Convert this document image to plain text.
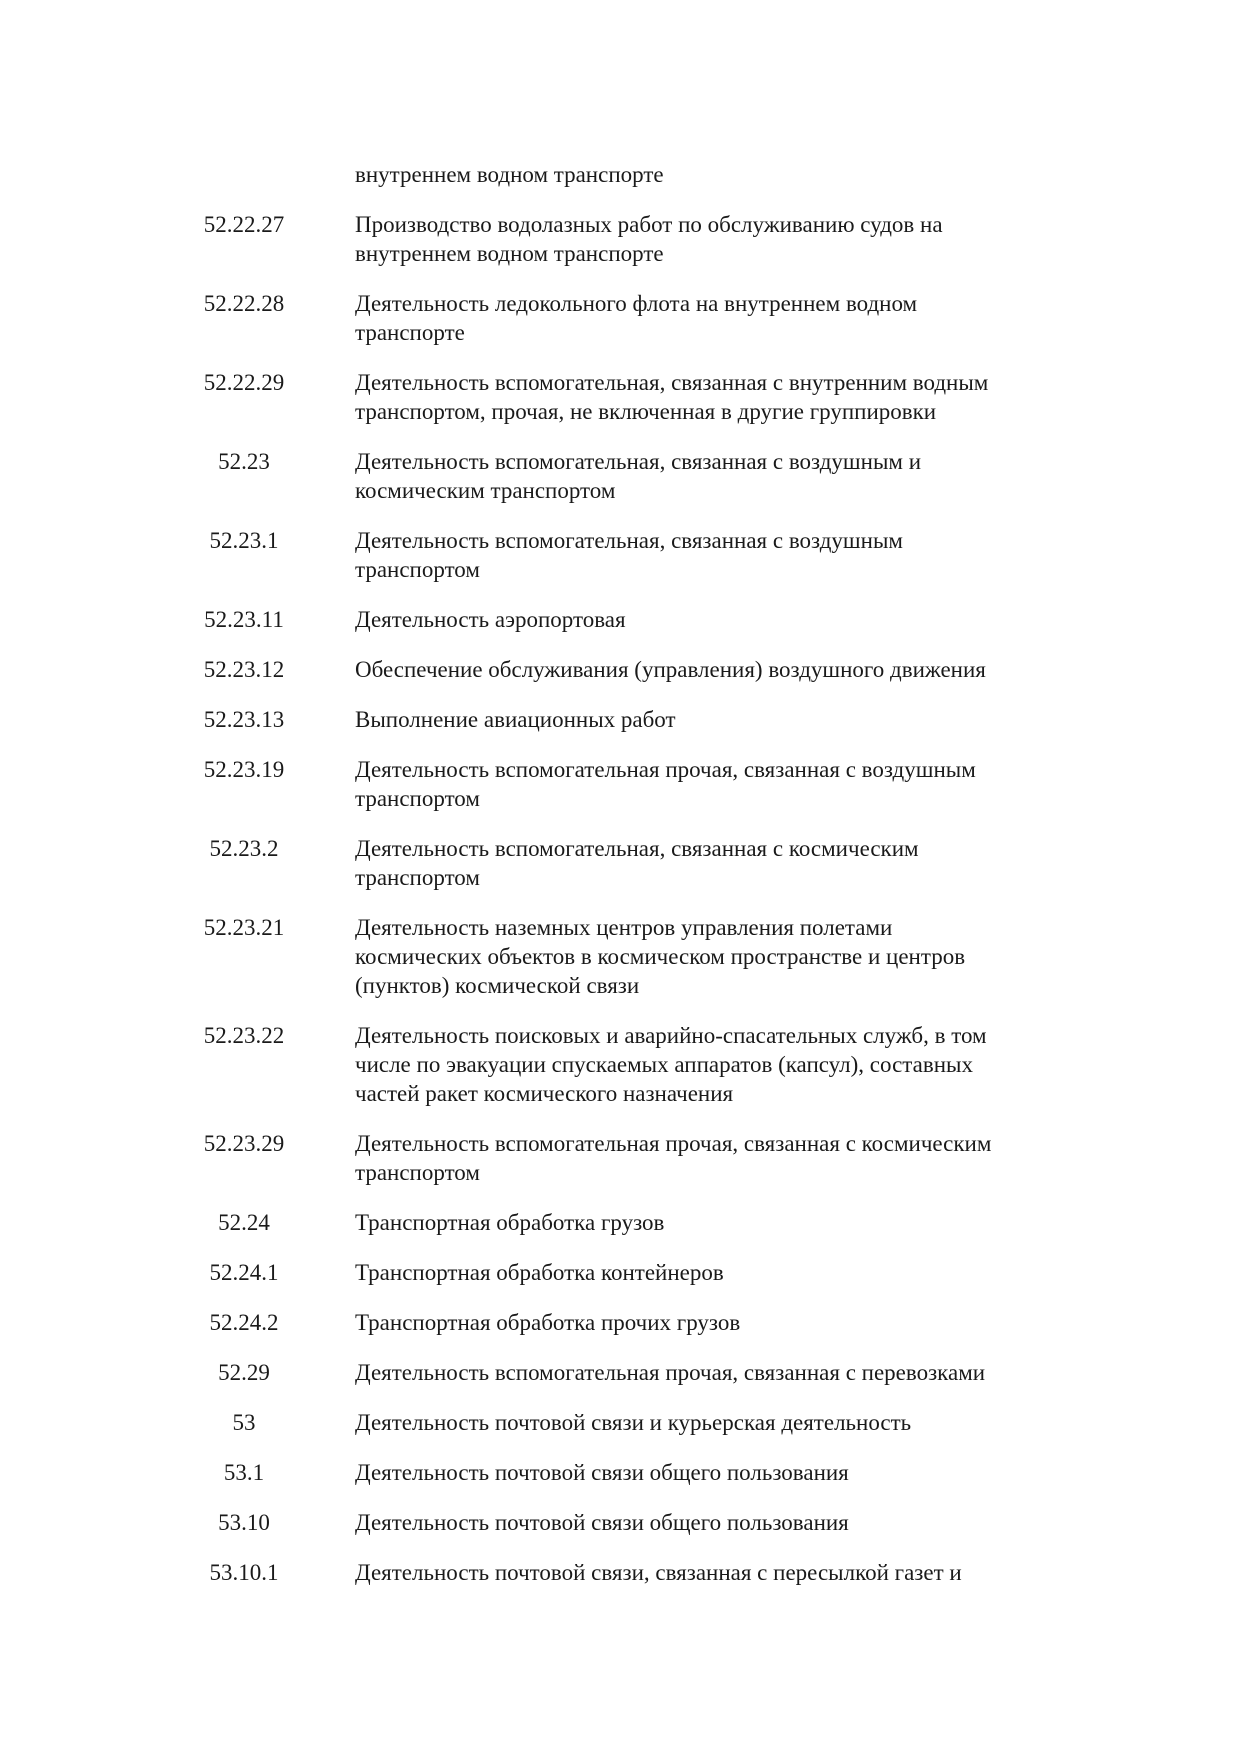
внутреннем водном транспорте
52.22.27	Производство водолазных работ по обслуживанию судов на
внутреннем водном транспорте
52.22.28	Деятельность ледокольного флота на внутреннем водном
транспорте
52.22.29	Деятельность вспомогательная, связанная с внутренним водным
транспортом, прочая, не включенная в другие группировки
52.23	Деятельность вспомогательная, связанная с воздушным и
космическим транспортом
52.23.1	Деятельность вспомогательная, связанная с воздушным
транспортом
52.23.11	Деятельность аэропортовая
52.23.12	Обеспечение обслуживания (управления) воздушного движения
52.23.13	Выполнение авиационных работ
52.23.19	Деятельность вспомогательная прочая, связанная с воздушным
транспортом
52.23.2	Деятельность вспомогательная, связанная с космическим
транспортом
52.23.21	Деятельность наземных центров управления полетами
космических объектов в космическом пространстве и центров
(пунктов) космической связи
52.23.22	Деятельность поисковых и аварийно-спасательных служб, в том
числе по эвакуации спускаемых аппаратов (капсул), составных
частей ракет космического назначения
52.23.29	Деятельность вспомогательная прочая, связанная с космическим
транспортом
52.24	Транспортная обработка грузов
52.24.1	Транспортная обработка контейнеров
52.24.2	Транспортная обработка прочих грузов
52.29	Деятельность вспомогательная прочая, связанная с перевозками
53	Деятельность почтовой связи и курьерская деятельность
53.1	Деятельность почтовой связи общего пользования
53.10	Деятельность почтовой связи общего пользования
53.10.1	Деятельность почтовой связи, связанная с пересылкой газет и
